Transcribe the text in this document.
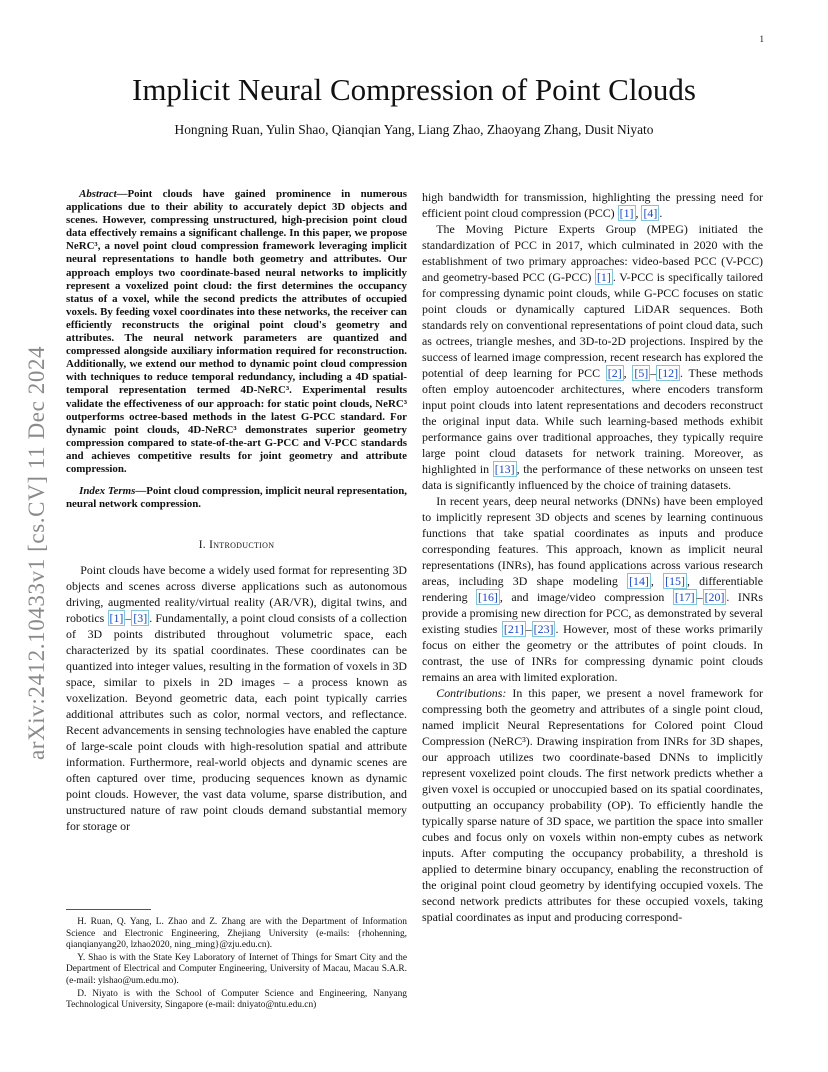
1
arXiv:2412.10433v1 [cs.CV] 11 Dec 2024
Implicit Neural Compression of Point Clouds

Hongning Ruan, Yulin Shao, Qianqian Yang, Liang Zhao, Zhaoyang Zhang, Dusit Niyato

Abstract—Point clouds have gained prominence in numerous applications due to their ability to accurately depict 3D objects and scenes. However, compressing unstructured, high-precision point cloud data effectively remains a significant challenge. In this paper, we propose NeRC³, a novel point cloud compression framework leveraging implicit neural representations to handle both geometry and attributes. Our approach employs two coordinate-based neural networks to implicitly represent a voxelized point cloud: the first determines the occupancy status of a voxel, while the second predicts the attributes of occupied voxels. By feeding voxel coordinates into these networks, the receiver can efficiently reconstructs the original point cloud's geometry and attributes. The neural network parameters are quantized and compressed alongside auxiliary information required for reconstruction. Additionally, we extend our method to dynamic point cloud compression with techniques to reduce temporal redundancy, including a 4D spatial-temporal representation termed 4D-NeRC³. Experimental results validate the effectiveness of our approach: for static point clouds, NeRC³ outperforms octree-based methods in the latest G-PCC standard. For dynamic point clouds, 4D-NeRC³ demonstrates superior geometry compression compared to state-of-the-art G-PCC and V-PCC standards and achieves competitive results for joint geometry and attribute compression.

Index Terms—Point cloud compression, implicit neural representation, neural network compression.

I. Introduction

Point clouds have become a widely used format for representing 3D objects and scenes across diverse applications such as autonomous driving, augmented reality/virtual reality (AR/VR), digital twins, and robotics [1] – [3] . Fundamentally, a point cloud consists of a collection of 3D points distributed throughout volumetric space, each characterized by its spatial coordinates. These coordinates can be quantized into integer values, resulting in the formation of voxels in 3D space, similar to pixels in 2D images – a process known as voxelization. Beyond geometric data, each point typically carries additional attributes such as color, normal vectors, and reflectance. Recent advancements in sensing technologies have enabled the capture of large-scale point clouds with high-resolution spatial and attribute information. Furthermore, real-world objects and dynamic scenes are often captured over time, producing sequences known as dynamic point clouds. However, the vast data volume, sparse distribution, and unstructured nature of raw point clouds demand substantial memory for storage or

H. Ruan, Q. Yang, L. Zhao and Z. Zhang are with the Department of Information Science and Electronic Engineering, Zhejiang University (e-mails: {rhohenning, qianqianyang20, lzhao2020, ning_ming}@zju.edu.cn).

Y. Shao is with the State Key Laboratory of Internet of Things for Smart City and the Department of Electrical and Computer Engineering, University of Macau, Macau S.A.R. (e-mail: ylshao@um.edu.mo).

D. Niyato is with the School of Computer Science and Engineering, Nanyang Technological University, Singapore (e-mail: dniyato@ntu.edu.cn)

high bandwidth for transmission, highlighting the pressing need for efficient point cloud compression (PCC) [1] , [4] .

The Moving Picture Experts Group (MPEG) initiated the standardization of PCC in 2017, which culminated in 2020 with the establishment of two primary approaches: video-based PCC (V-PCC) and geometry-based PCC (G-PCC) [1] . V-PCC is specifically tailored for compressing dynamic point clouds, while G-PCC focuses on static point clouds or dynamically captured LiDAR sequences. Both standards rely on conventional representations of point cloud data, such as octrees, triangle meshes, and 3D-to-2D projections. Inspired by the success of learned image compression, recent research has explored the potential of deep learning for PCC [2] , [5] – [12] . These methods often employ autoencoder architectures, where encoders transform input point clouds into latent representations and decoders reconstruct the original input data. While such learning-based methods exhibit performance gains over traditional approaches, they typically require large point cloud datasets for network training. Moreover, as highlighted in [13] , the performance of these networks on unseen test data is significantly influenced by the choice of training datasets.

In recent years, deep neural networks (DNNs) have been employed to implicitly represent 3D objects and scenes by learning continuous functions that take spatial coordinates as inputs and produce corresponding features. This approach, known as implicit neural representations (INRs), has found applications across various research areas, including 3D shape modeling [14] , [15] , differentiable rendering [16] , and image/video compression [17] – [20] . INRs provide a promising new direction for PCC, as demonstrated by several existing studies [21] – [23] . However, most of these works primarily focus on either the geometry or the attributes of point clouds. In contrast, the use of INRs for compressing dynamic point clouds remains an area with limited exploration.

Contributions: In this paper, we present a novel framework for compressing both the geometry and attributes of a single point cloud, named implicit Neural Representations for Colored point Cloud Compression (NeRC³). Drawing inspiration from INRs for 3D shapes, our approach utilizes two coordinate-based DNNs to implicitly represent voxelized point clouds. The first network predicts whether a given voxel is occupied or unoccupied based on its spatial coordinates, outputting an occupancy probability (OP). To efficiently handle the typically sparse nature of 3D space, we partition the space into smaller cubes and focus only on voxels within non-empty cubes as network inputs. After computing the occupancy probability, a threshold is applied to determine binary occupancy, enabling the reconstruction of the original point cloud geometry by identifying occupied voxels. The second network predicts attributes for these occupied voxels, taking spatial coordinates as input and producing correspond-
